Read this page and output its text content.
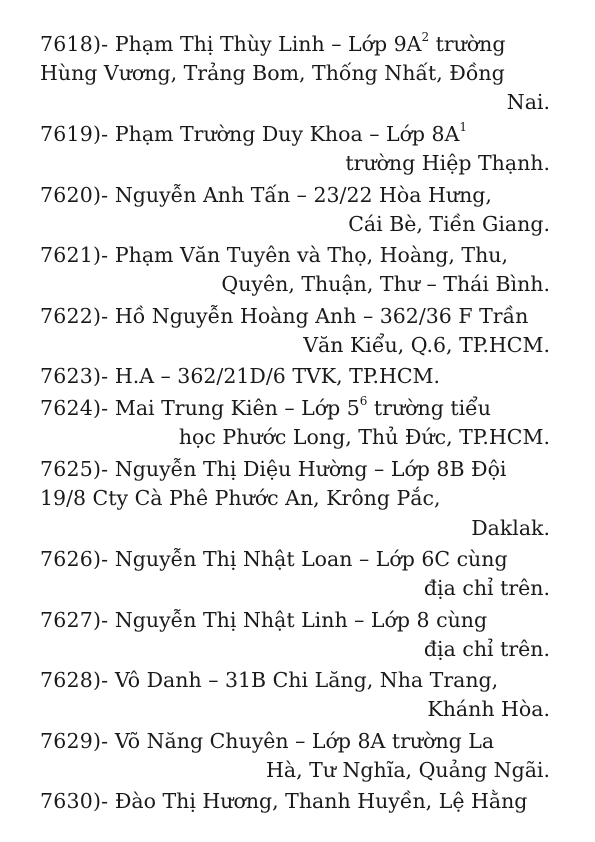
7618)- Phạm Thị Thùy Linh – Lớp $9A^2$ trường
Hùng Vương, Trảng Bom, Thống Nhất, Đồng
Nai.
7619)- Phạm Trường Duy Khoa – Lớp $8A^1$
trường Hiệp Thạnh.
7620)- Nguyễn Anh Tấn – 23/22 Hòa Hưng,
Cái Bè, Tiền Giang.
7621)- Phạm Văn Tuyên và Thọ, Hoàng, Thu,
Quyên, Thuận, Thư – Thái Bình.
7622)- Hồ Nguyễn Hoàng Anh – 362/36 F Trần
Văn Kiểu, Q.6, TP.HCM.
7623)- H.A – 362/21D/6 TVK, TP.HCM.
7624)- Mai Trung Kiên – Lớp $5^6$ trường tiểu
học Phước Long, Thủ Đức, TP.HCM.
7625)- Nguyễn Thị Diệu Hường – Lớp 8B Đội
19/8 Cty Cà Phê Phước An, Krông Pắc,
Daklak.
7626)- Nguyễn Thị Nhật Loan – Lớp 6C cùng
địa chỉ trên.
7627)- Nguyễn Thị Nhật Linh – Lớp 8 cùng
địa chỉ trên.
7628)- Vô Danh – 31B Chi Lăng, Nha Trang,
Khánh Hòa.
7629)- Võ Năng Chuyên – Lớp 8A trường La
Hà, Tư Nghĩa, Quảng Ngãi.
7630)- Đào Thị Hương, Thanh Huyền, Lệ Hằng
